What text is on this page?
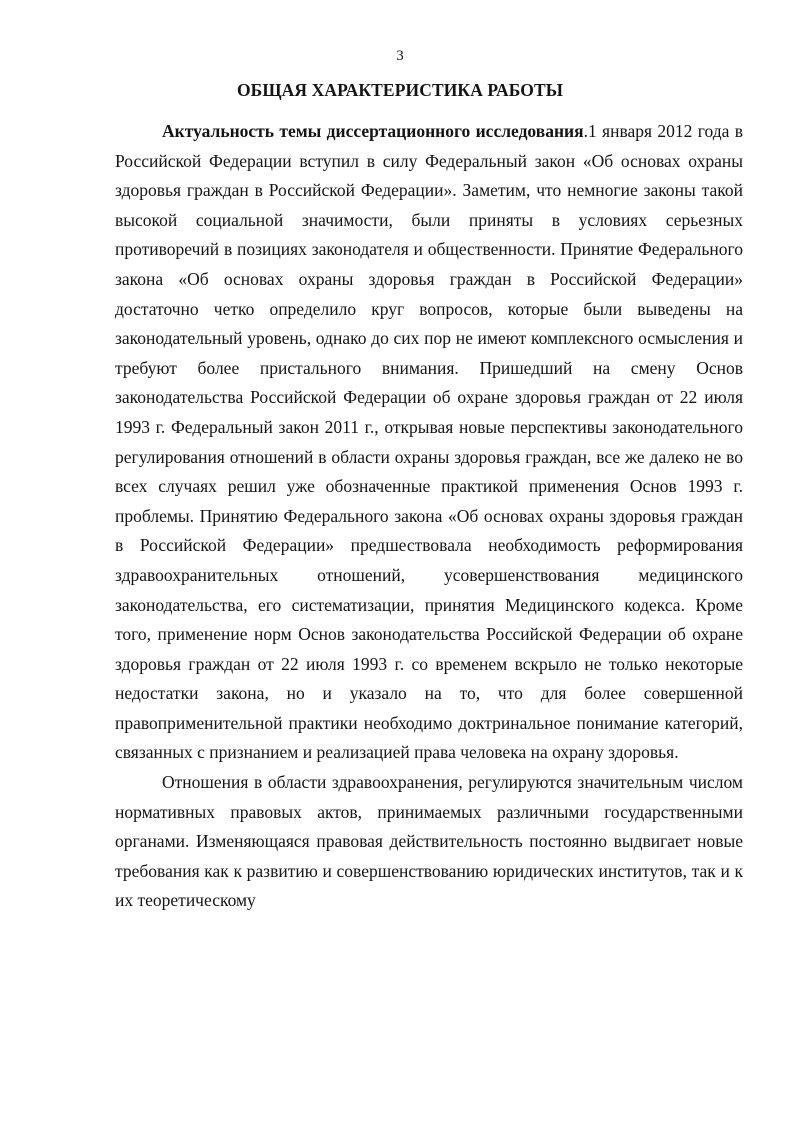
3
ОБЩАЯ ХАРАКТЕРИСТИКА РАБОТЫ

Актуальность темы диссертационного исследования.1 января 2012 года в Российской Федерации вступил в силу Федеральный закон «Об основах охраны здоровья граждан в Российской Федерации». Заметим, что немногие законы такой высокой социальной значимости, были приняты в условиях серьезных противоречий в позициях законодателя и общественности. Принятие Федерального закона «Об основах охраны здоровья граждан в Российской Федерации» достаточно четко определило круг вопросов, которые были выведены на законодательный уровень, однако до сих пор не имеют комплексного осмысления и требуют более пристального внимания. Пришедший на смену Основ законодательства Российской Федерации об охране здоровья граждан от 22 июля 1993 г. Федеральный закон 2011 г., открывая новые перспективы законодательного регулирования отношений в области охраны здоровья граждан, все же далеко не во всех случаях решил уже обозначенные практикой применения Основ 1993 г. проблемы. Принятию Федерального закона «Об основах охраны здоровья граждан в Российской Федерации» предшествовала необходимость реформирования здравоохранительных отношений, усовершенствования медицинского законодательства, его систематизации, принятия Медицинского кодекса. Кроме того, применение норм Основ законодательства Российской Федерации об охране здоровья граждан от 22 июля 1993 г. со временем вскрыло не только некоторые недостатки закона, но и указало на то, что для более совершенной правоприменительной практики необходимо доктринальное понимание категорий, связанных с признанием и реализацией права человека на охрану здоровья.

Отношения в области здравоохранения, регулируются значительным числом нормативных правовых актов, принимаемых различными государственными органами. Изменяющаяся правовая действительность постоянно выдвигает новые требования как к развитию и совершенствованию юридических институтов, так и к их теоретическому
